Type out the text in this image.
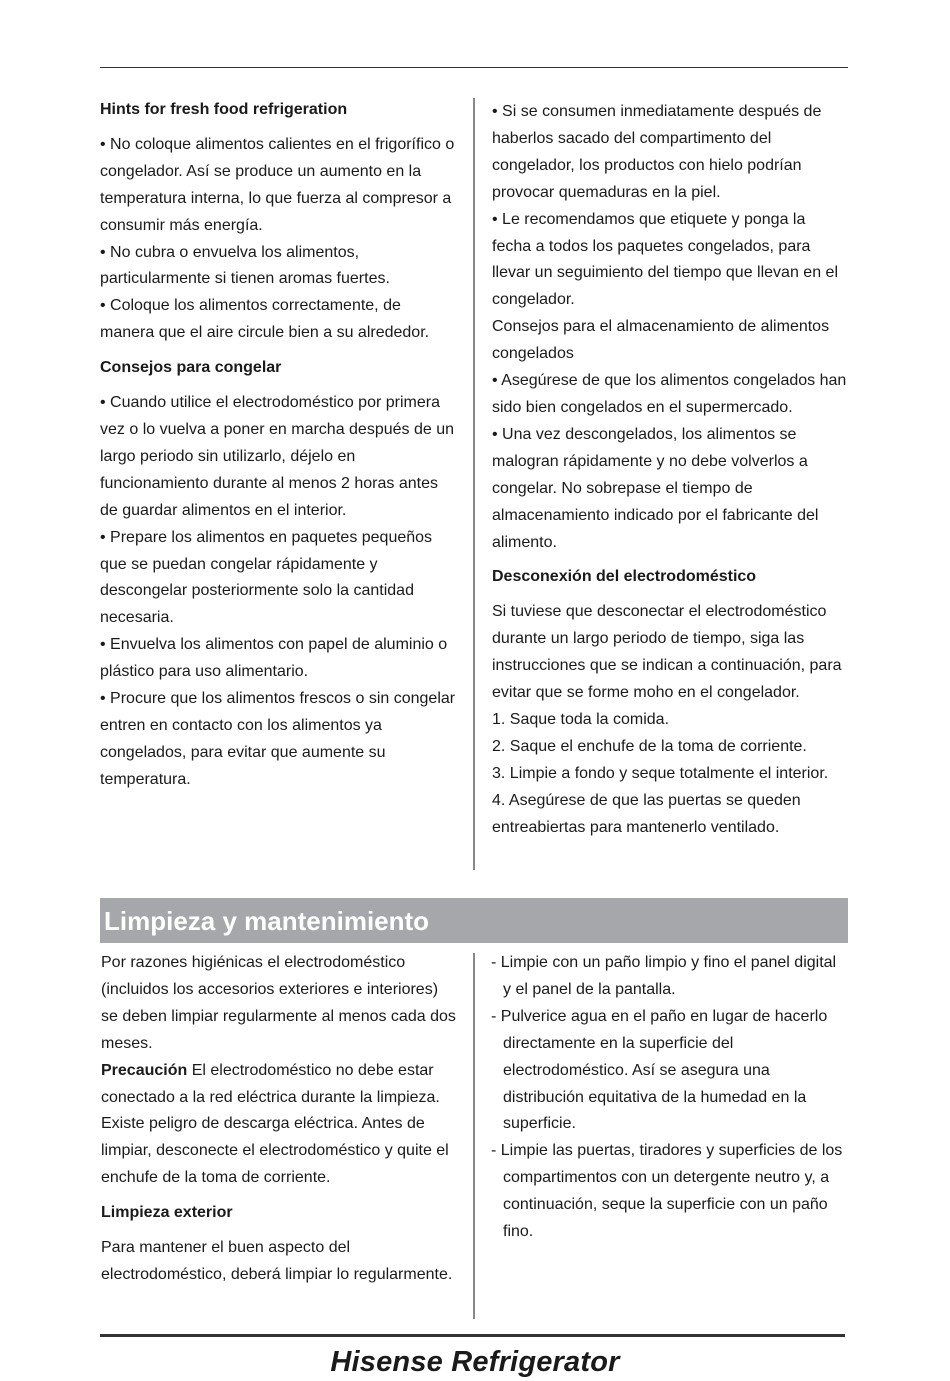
Hints for fresh food refrigeration

• No coloque alimentos calientes en el frigorífico o congelador. Así se produce un aumento en la temperatura interna, lo que fuerza al compresor a consumir más energía.

• No cubra o envuelva los alimentos, particularmente si tienen aromas fuertes.

• Coloque los alimentos correctamente, de manera que el aire circule bien a su alrededor.

Consejos para congelar

• Cuando utilice el electrodoméstico por primera vez o lo vuelva a poner en marcha después de un largo periodo sin utilizarlo, déjelo en funcionamiento durante al menos 2 horas antes de guardar alimentos en el interior.

• Prepare los alimentos en paquetes pequeños que se puedan congelar rápidamente y descongelar posteriormente solo la cantidad necesaria.

• Envuelva los alimentos con papel de aluminio o plástico para uso alimentario.

• Procure que los alimentos frescos o sin congelar entren en contacto con los alimentos ya congelados, para evitar que aumente su temperatura.

• Si se consumen inmediatamente después de haberlos sacado del compartimento del congelador, los productos con hielo podrían provocar quemaduras en la piel.

• Le recomendamos que etiquete y ponga la fecha a todos los paquetes congelados, para llevar un seguimiento del tiempo que llevan en el congelador.

Consejos para el almacenamiento de alimentos congelados

• Asegúrese de que los alimentos congelados han sido bien congelados en el supermercado.

• Una vez descongelados, los alimentos se malogran rápidamente y no debe volverlos a congelar. No sobrepase el tiempo de almacenamiento indicado por el fabricante del alimento.

Desconexión del electrodoméstico

Si tuviese que desconectar el electrodoméstico durante un largo periodo de tiempo, siga las instrucciones que se indican a continuación, para evitar que se forme moho en el congelador.

1. Saque toda la comida.

2. Saque el enchufe de la toma de corriente.

3. Limpie a fondo y seque totalmente el interior.

4. Asegúrese de que las puertas se queden entreabiertas para mantenerlo ventilado.

Limpieza y mantenimiento

Por razones higiénicas el electrodoméstico (incluidos los accesorios exteriores e interiores) se deben limpiar regularmente al menos cada dos meses.

Precaución El electrodoméstico no debe estar conectado a la red eléctrica durante la limpieza. Existe peligro de descarga eléctrica. Antes de limpiar, desconecte el electrodoméstico y quite el enchufe de la toma de corriente.

Limpieza exterior

Para mantener el buen aspecto del electrodoméstico, deberá limpiar lo regularmente.

- Limpie con un paño limpio y fino el panel digital y el panel de la pantalla.

- Pulverice agua en el paño en lugar de hacerlo directamente en la superficie del electrodoméstico. Así se asegura una distribución equitativa de la humedad en la superficie.

- Limpie las puertas, tiradores y superficies de los compartimentos con un detergente neutro y, a continuación, seque la superficie con un paño fino.

Hisense Refrigerator
